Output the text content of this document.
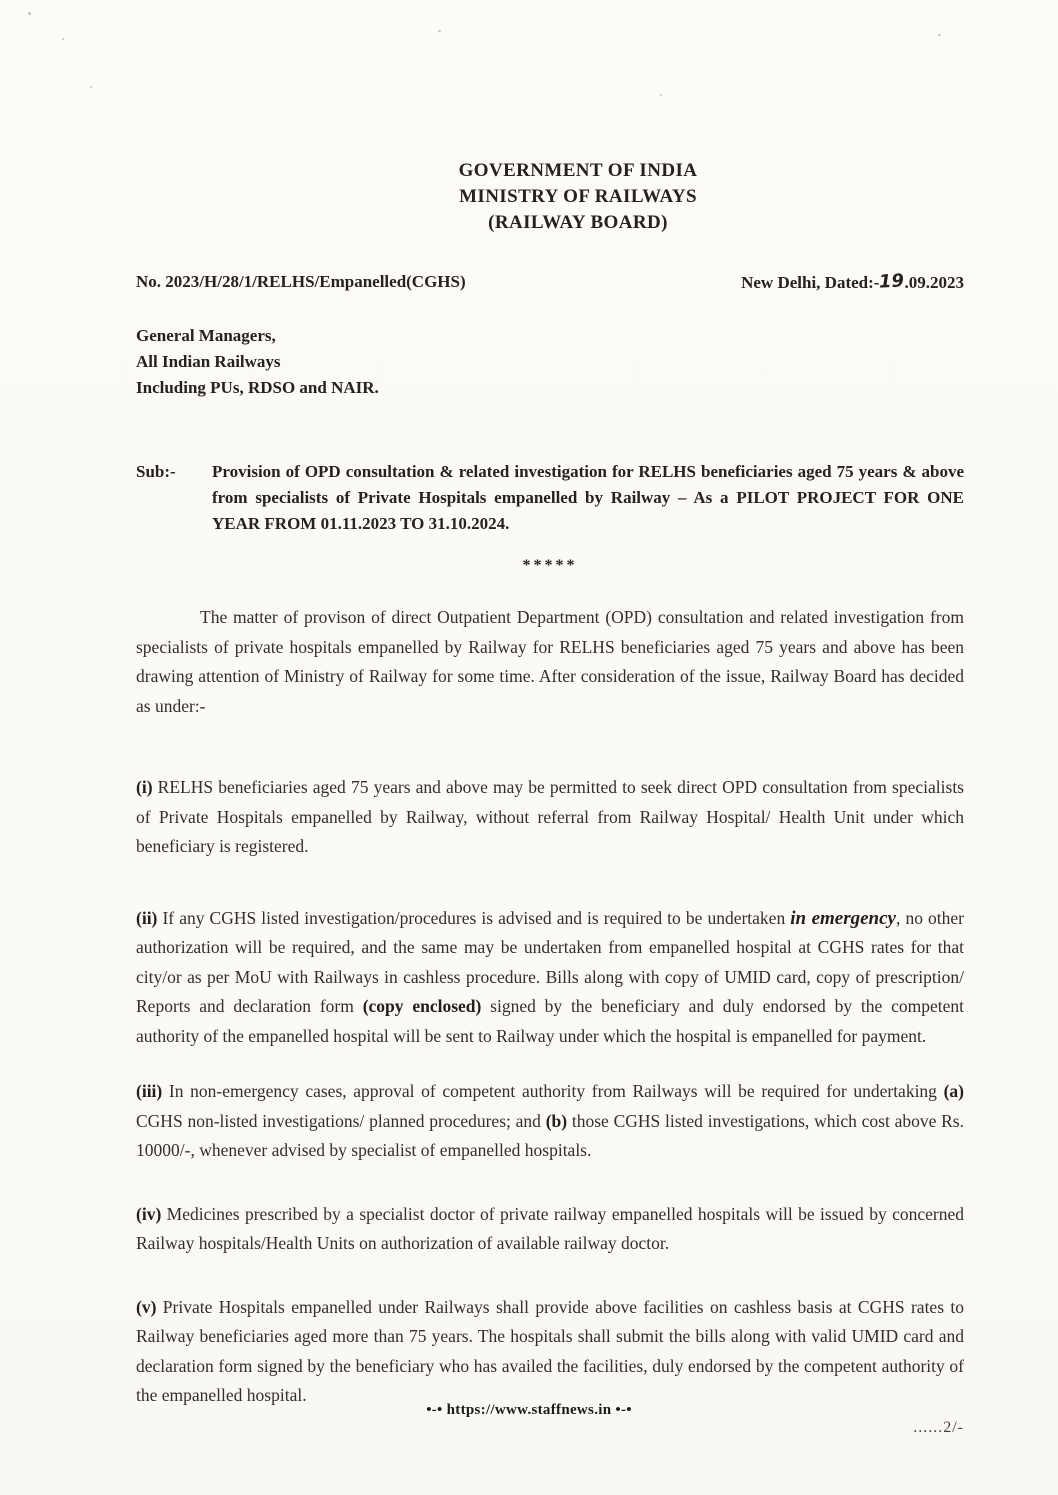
GOVERNMENT OF INDIA
MINISTRY OF RAILWAYS
(RAILWAY BOARD)
No. 2023/H/28/1/RELHS/Empanelled(CGHS)	New Delhi, Dated:-19.09.2023
General Managers,
All Indian Railways
Including PUs, RDSO and NAIR.
Sub:-	Provision of OPD consultation & related investigation for RELHS beneficiaries aged 75 years & above from specialists of Private Hospitals empanelled by Railway – As a PILOT PROJECT FOR ONE YEAR FROM 01.11.2023 TO 31.10.2024.
*****

The matter of provison of direct Outpatient Department (OPD) consultation and related investigation from specialists of private hospitals empanelled by Railway for RELHS beneficiaries aged 75 years and above has been drawing attention of Ministry of Railway for some time. After consideration of the issue, Railway Board has decided as under:-

(i) RELHS beneficiaries aged 75 years and above may be permitted to seek direct OPD consultation from specialists of Private Hospitals empanelled by Railway, without referral from Railway Hospital/ Health Unit under which beneficiary is registered.

(ii) If any CGHS listed investigation/procedures is advised and is required to be undertaken in emergency, no other authorization will be required, and the same may be undertaken from empanelled hospital at CGHS rates for that city/or as per MoU with Railways in cashless procedure. Bills along with copy of UMID card, copy of prescription/ Reports and declaration form (copy enclosed) signed by the beneficiary and duly endorsed by the competent authority of the empanelled hospital will be sent to Railway under which the hospital is empanelled for payment.

(iii) In non-emergency cases, approval of competent authority from Railways will be required for undertaking (a) CGHS non-listed investigations/ planned procedures; and (b) those CGHS listed investigations, which cost above Rs. 10000/-, whenever advised by specialist of empanelled hospitals.

(iv) Medicines prescribed by a specialist doctor of private railway empanelled hospitals will be issued by concerned Railway hospitals/Health Units on authorization of available railway doctor.

(v) Private Hospitals empanelled under Railways shall provide above facilities on cashless basis at CGHS rates to Railway beneficiaries aged more than 75 years. The hospitals shall submit the bills along with valid UMID card and declaration form signed by the beneficiary who has availed the facilities, duly endorsed by the competent authority of the empanelled hospital.

......2/-
•-• https://www.staffnews.in •-•
